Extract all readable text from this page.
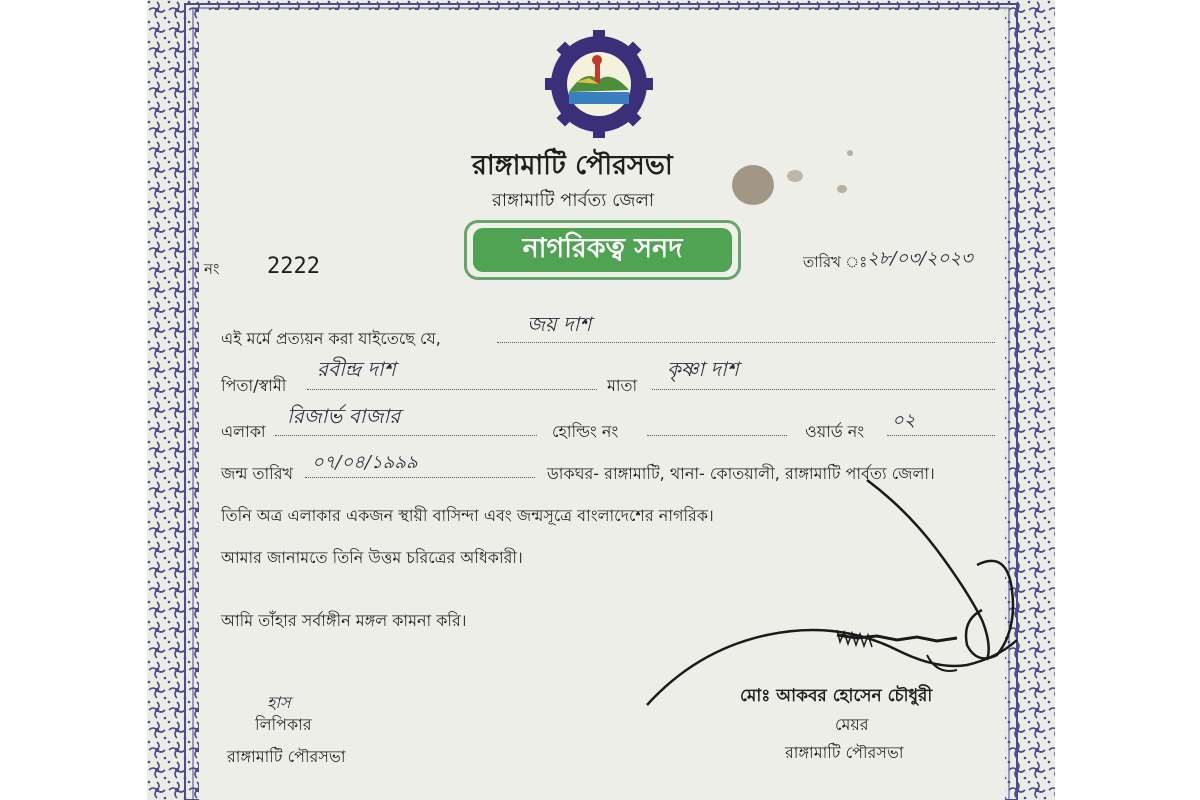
রাঙ্গামাটি পৌরসভা
রাঙ্গামাটি পার্বত্য জেলা
নাগরিকত্ব সনদ
নং 2222	তারিখ ঃ ২৮/০৩/২০২৩
এই মর্মে প্রত্যয়ন করা যাইতেছে যে,
জয় দাশ
পিতা/স্বামী
রবীন্দ্র দাশ
মাতা
কৃষ্ণা দাশ
এলাকা
রিজার্ভ বাজার
হোল্ডিং নং	ওয়ার্ড নং
০২
জন্ম তারিখ
০৭/০৪/১৯৯৯
ডাকঘর- রাঙ্গামাটি, থানা- কোতয়ালী, রাঙ্গামাটি পার্বত্য জেলা।
তিনি অত্র এলাকার একজন স্থায়ী বাসিন্দা এবং জন্মসূত্রে বাংলাদেশের নাগরিক।
আমার জানামতে তিনি উত্তম চরিত্রের অধিকারী।
আমি তাঁহার সর্বাঙ্গীন মঙ্গল কামনা করি।
হাস
লিপিকার
রাঙ্গামাটি পৌরসভা
মোঃ আকবর হোসেন চৌধুরী
মেয়র
রাঙ্গামাটি পৌরসভা
